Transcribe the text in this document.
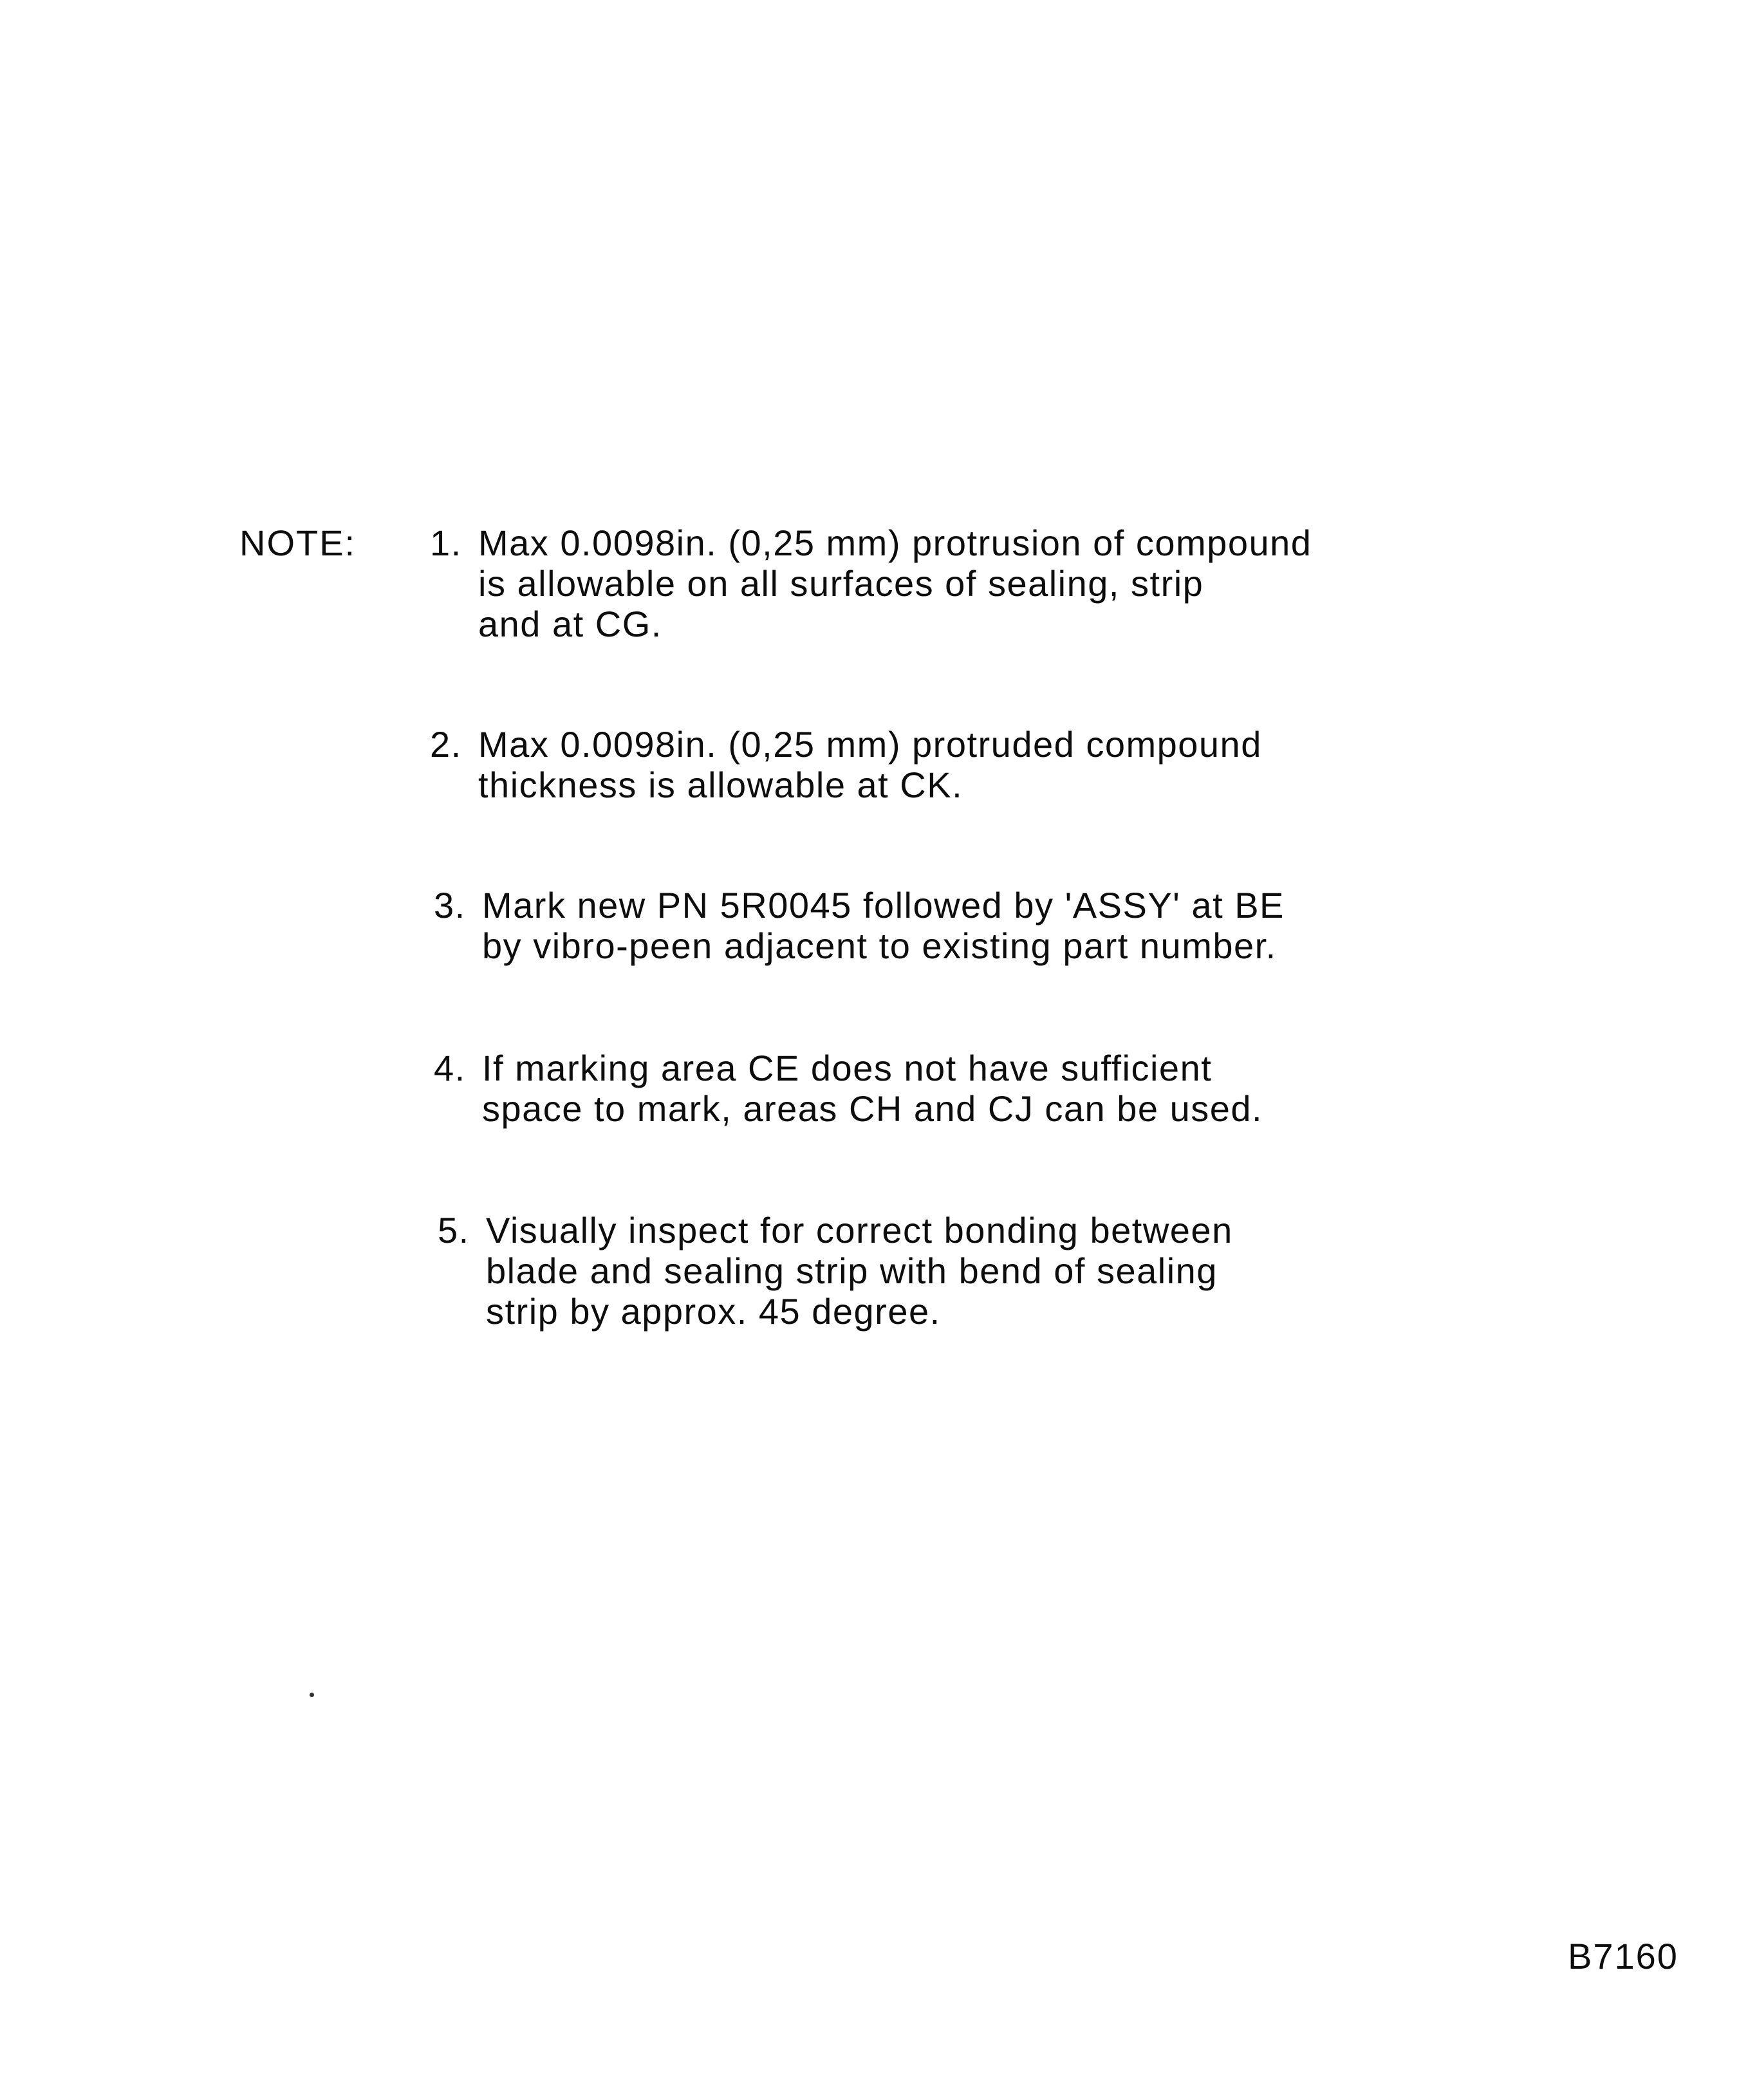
NOTE: 1. Max 0.0098in. (0,25 mm) protrusion of compound
is allowable on all surfaces of sealing, strip
and at CG.
2. Max 0.0098in. (0,25 mm) protruded compound
thickness is allowable at CK.
3. Mark new PN 5R0045 followed by 'ASSY' at BE
by vibro-peen adjacent to existing part number.
4. If marking area CE does not have sufficient
space to mark, areas CH and CJ can be used.
5. Visually inspect for correct bonding between
blade and sealing strip with bend of sealing
strip by approx. 45 degree.
B7160
